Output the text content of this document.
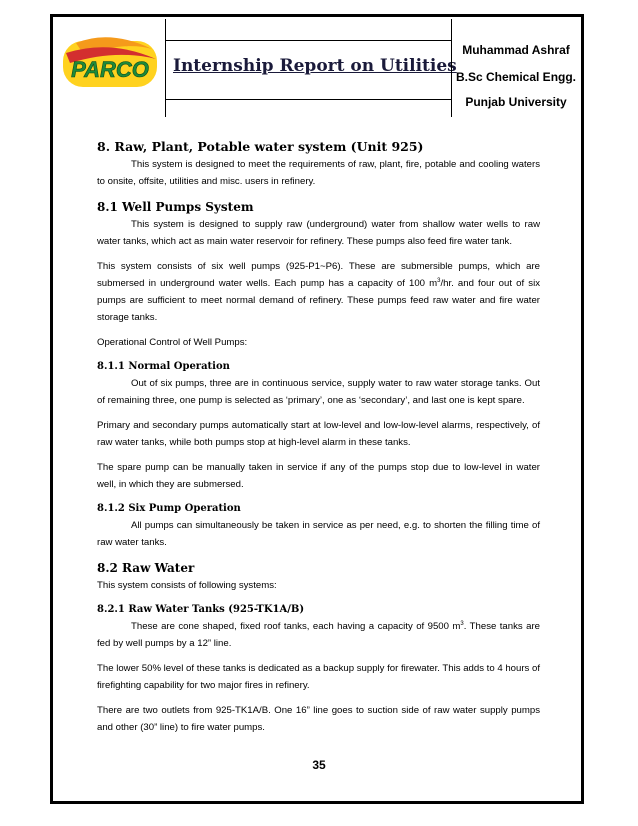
PARCO Internship Report on Utilities
Muhammad Ashraf
B.Sc Chemical Engg.
Punjab University

8. Raw, Plant, Potable water system (Unit 925)

This system is designed to meet the requirements of raw, plant, fire, potable and cooling waters to onsite, offsite, utilities and misc. users in refinery.

8.1 Well Pumps System

This system is designed to supply raw (underground) water from shallow water wells to raw water tanks, which act as main water reservoir for refinery. These pumps also feed fire water tank.

This system consists of six well pumps (925-P1~P6). These are submersible pumps, which are submersed in underground water wells. Each pump has a capacity of 100 $m^3/hr$. and four out of six pumps are sufficient to meet normal demand of refinery. These pumps feed raw water and fire water storage tanks.

Operational Control of Well Pumps:

8.1.1 Normal Operation

Out of six pumps, three are in continuous service, supply water to raw water storage tanks. Out of remaining three, one pump is selected as ‘primary’, one as ‘secondary’, and last one is kept spare.

Primary and secondary pumps automatically start at low-level and low-low-level alarms, respectively, of raw water tanks, while both pumps stop at high-level alarm in these tanks.

The spare pump can be manually taken in service if any of the pumps stop due to low-level in water well, in which they are submersed.

8.1.2 Six Pump Operation

All pumps can simultaneously be taken in service as per need, e.g. to shorten the filling time of raw water tanks.

8.2 Raw Water

This system consists of following systems:

8.2.1 Raw Water Tanks (925-TK1A/B)

These are cone shaped, fixed roof tanks, each having a capacity of 9500 $m^3$. These tanks are fed by well pumps by a 12” line.

The lower 50% level of these tanks is dedicated as a backup supply for firewater. This adds to 4 hours of firefighting capability for two major fires in refinery.

There are two outlets from 925-TK1A/B. One 16” line goes to suction side of raw water supply pumps and other (30” line) to fire water pumps.

35
